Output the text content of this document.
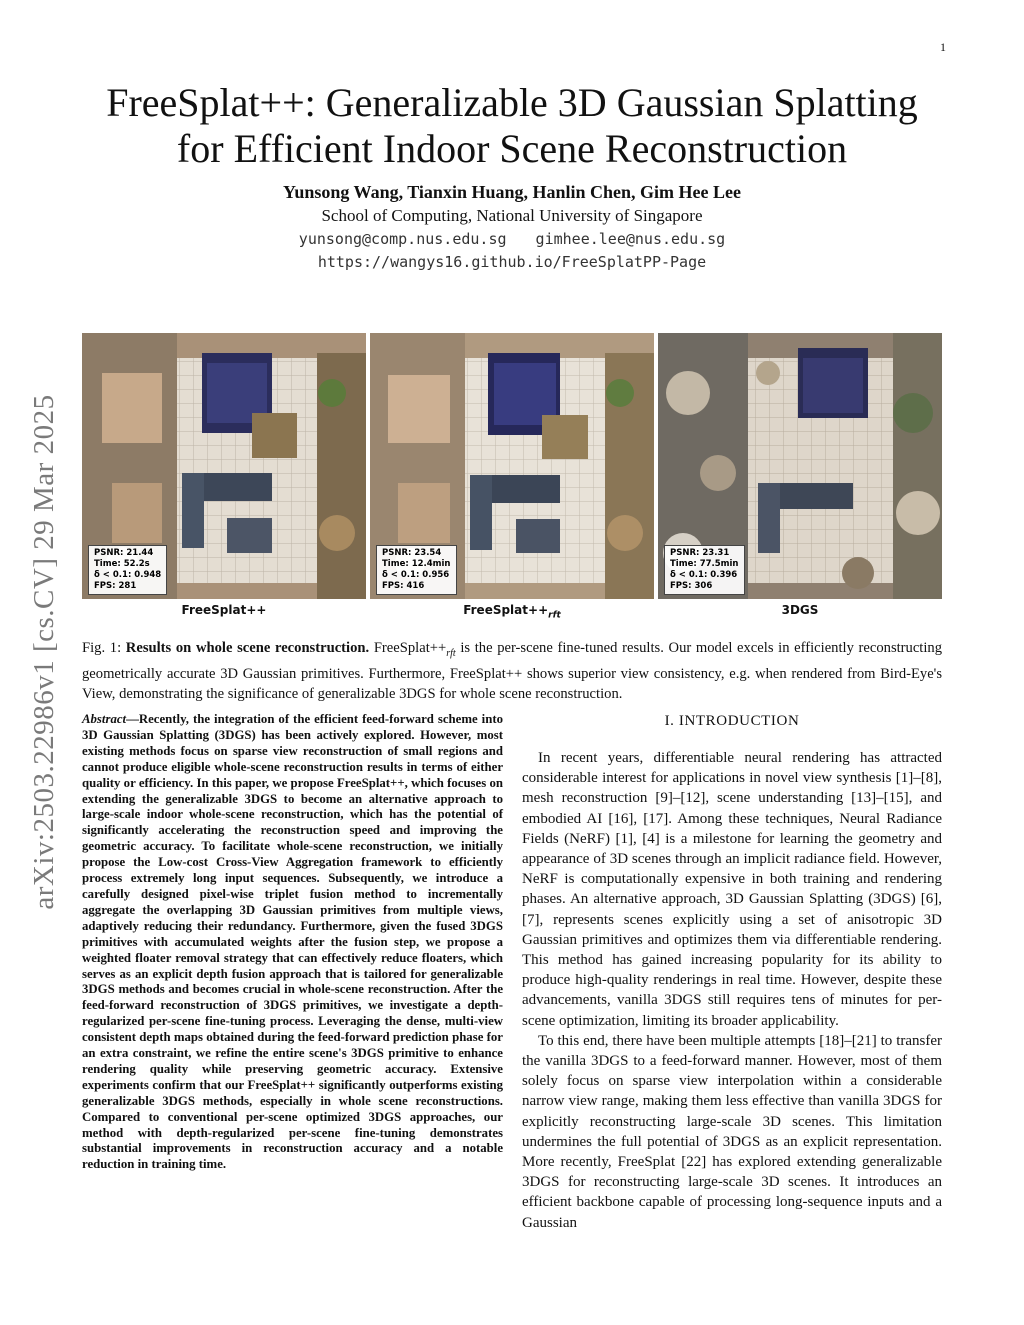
1
arXiv:2503.22986v1 [cs.CV] 29 Mar 2025
FreeSplat++: Generalizable 3D Gaussian Splatting
for Efficient Indoor Scene Reconstruction
Yunsong Wang, Tianxin Huang, Hanlin Chen, Gim Hee Lee
School of Computing, National University of Singapore
yunsong@comp.nus.edu.sg gimhee.lee@nus.edu.sg
https://wangys16.github.io/FreeSplatPP-Page
PSNR: 21.44
Time: 52.2s
δ < 0.1: 0.948
FPS: 281
FreeSplat++
PSNR: 23.54
Time: 12.4min
δ < 0.1: 0.956
FPS: 416
$FreeSplat++_{rft}$
PSNR: 23.31
Time: 77.5min
δ < 0.1: 0.396
FPS: 306
3DGS

Fig. 1: Results on whole scene reconstruction. $FreeSplat++_{rft}$ is the per-scene fine-tuned results. Our model excels in efficiently reconstructing geometrically accurate 3D Gaussian primitives. Furthermore, FreeSplat++ shows superior view consistency, e.g. when rendered from Bird-Eye's View, demonstrating the significance of generalizable 3DGS for whole scene reconstruction.

Abstract—Recently, the integration of the efficient feed-forward scheme into 3D Gaussian Splatting (3DGS) has been actively explored. However, most existing methods focus on sparse view reconstruction of small regions and cannot produce eligible whole-scene reconstruction results in terms of either quality or efficiency. In this paper, we propose FreeSplat++, which focuses on extending the generalizable 3DGS to become an alternative approach to large-scale indoor whole-scene reconstruction, which has the potential of significantly accelerating the reconstruction speed and improving the geometric accuracy. To facilitate whole-scene reconstruction, we initially propose the Low-cost Cross-View Aggregation framework to efficiently process extremely long input sequences. Subsequently, we introduce a carefully designed pixel-wise triplet fusion method to incrementally aggregate the overlapping 3D Gaussian primitives from multiple views, adaptively reducing their redundancy. Furthermore, given the fused 3DGS primitives with accumulated weights after the fusion step, we propose a weighted floater removal strategy that can effectively reduce floaters, which serves as an explicit depth fusion approach that is tailored for generalizable 3DGS methods and becomes crucial in whole-scene reconstruction. After the feed-forward reconstruction of 3DGS primitives, we investigate a depth-regularized per-scene fine-tuning process. Leveraging the dense, multi-view consistent depth maps obtained during the feed-forward prediction phase for an extra constraint, we refine the entire scene's 3DGS primitive to enhance rendering quality while preserving geometric accuracy. Extensive experiments confirm that our FreeSplat++ significantly outperforms existing generalizable 3DGS methods, especially in whole scene reconstructions. Compared to conventional per-scene optimized 3DGS approaches, our method with depth-regularized per-scene fine-tuning demonstrates substantial improvements in reconstruction accuracy and a notable reduction in training time.

I. INTRODUCTION

In recent years, differentiable neural rendering has attracted considerable interest for applications in novel view synthesis [1]–[8], mesh reconstruction [9]–[12], scene understanding [13]–[15], and embodied AI [16], [17]. Among these techniques, Neural Radiance Fields (NeRF) [1], [4] is a milestone for learning the geometry and appearance of 3D scenes through an implicit radiance field. However, NeRF is computationally expensive in both training and rendering phases. An alternative approach, 3D Gaussian Splatting (3DGS) [6], [7], represents scenes explicitly using a set of anisotropic 3D Gaussian primitives and optimizes them via differentiable rendering. This method has gained increasing popularity for its ability to produce high-quality renderings in real time. However, despite these advancements, vanilla 3DGS still requires tens of minutes for per-scene optimization, limiting its broader applicability.

To this end, there have been multiple attempts [18]–[21] to transfer the vanilla 3DGS to a feed-forward manner. However, most of them solely focus on sparse view interpolation within a considerable narrow view range, making them less effective than vanilla 3DGS for explicitly reconstructing large-scale 3D scenes. This limitation undermines the full potential of 3DGS as an explicit representation. More recently, FreeSplat [22] has explored extending generalizable 3DGS for reconstructing large-scale 3D scenes. It introduces an efficient backbone capable of processing long-sequence inputs and a Gaussian
